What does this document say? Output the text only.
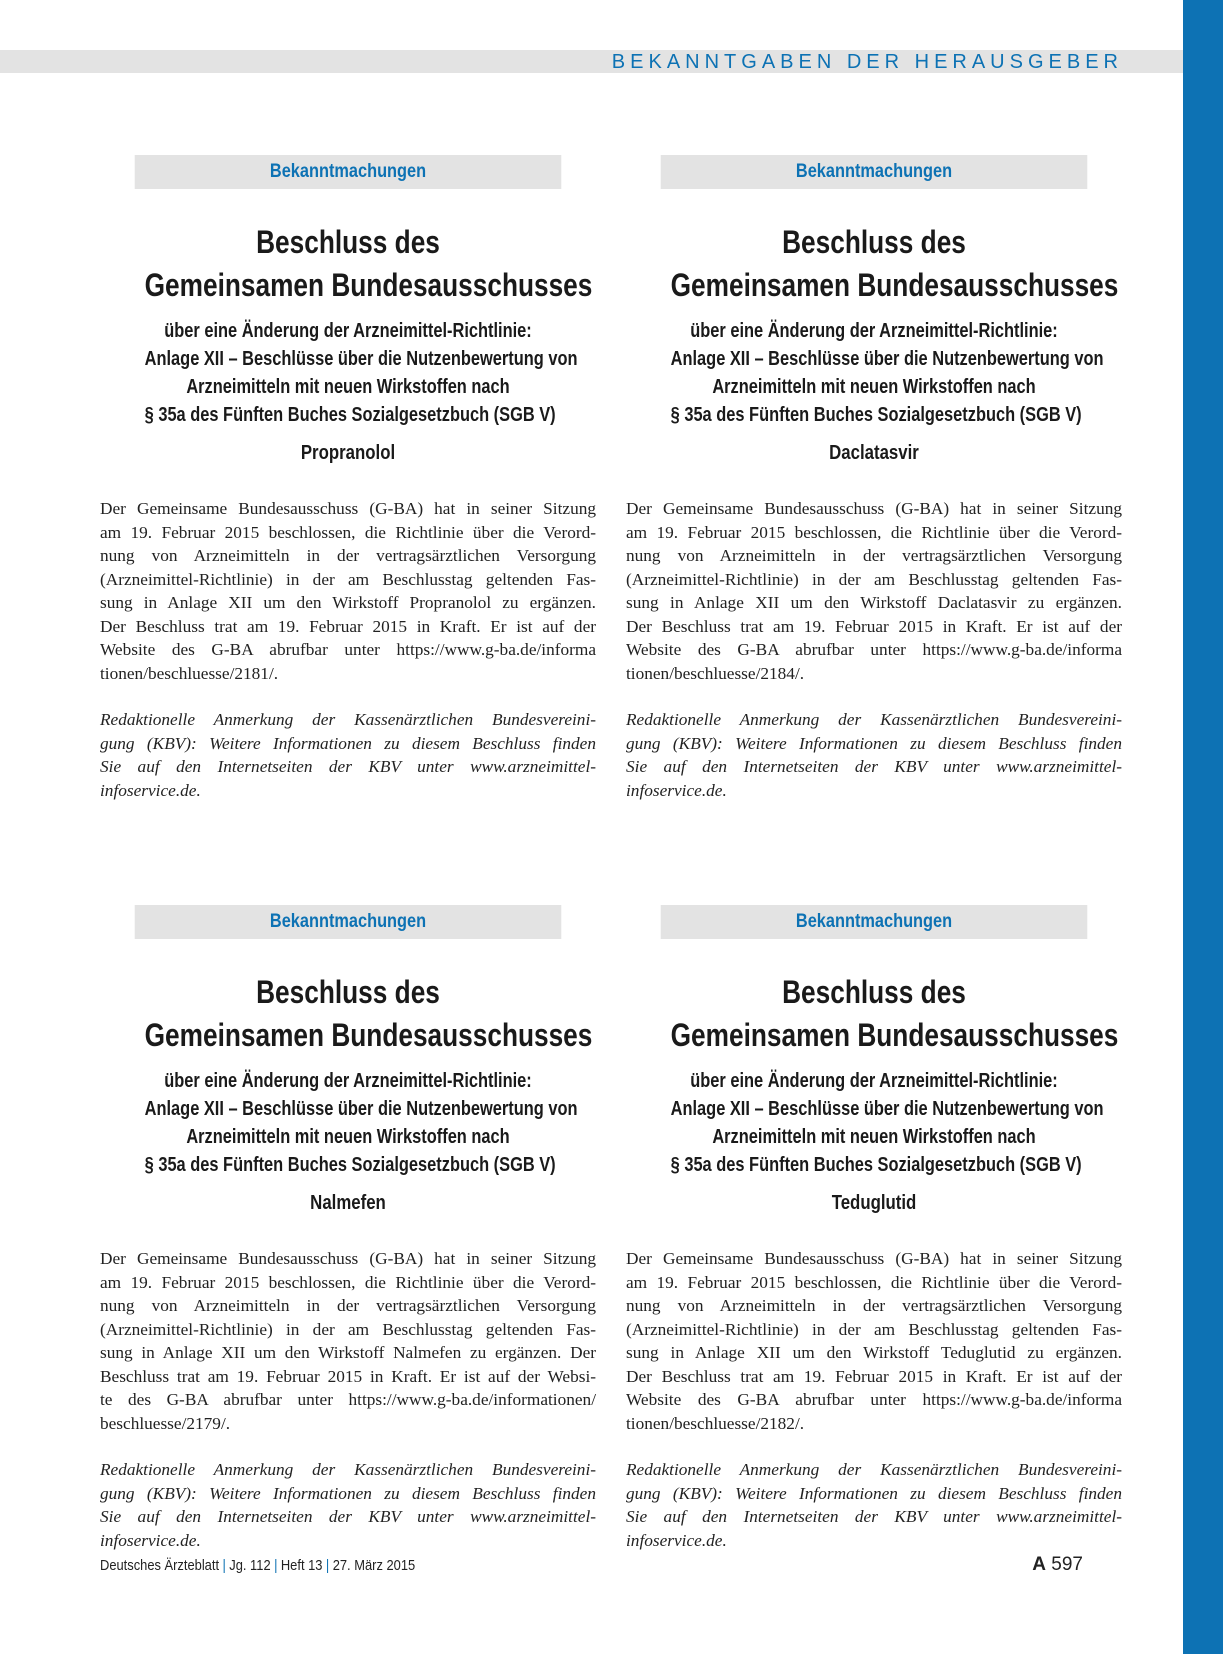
BEKANNTGABEN DER HERAUSGEBER
Bekanntmachungen
Beschluss des
Gemeinsamen Bundesausschusses
über eine Änderung der Arzneimittel-Richtlinie:
Anlage XII – Beschlüsse über die Nutzenbewertung von
Arzneimitteln mit neuen Wirkstoffen nach
§ 35a des Fünften Buches Sozialgesetzbuch (SGB V)
Propranolol
Der Gemeinsame Bundesausschuss (G-BA) hat in seiner Sitzung
am 19. Februar 2015 beschlossen, die Richtlinie über die Verord-
nung von Arzneimitteln in der vertragsärztlichen Versorgung
(Arzneimittel-Richtlinie) in der am Beschlusstag geltenden Fas-
sung in Anlage XII um den Wirkstoff Propranolol zu ergänzen.
Der Beschluss trat am 19. Februar 2015 in Kraft. Er ist auf der
Website des G-BA abrufbar unter https://www.g-ba.de/informa
tionen/beschluesse/2181/.
Redaktionelle Anmerkung der Kassenärztlichen Bundesvereini-
gung (KBV): Weitere Informationen zu diesem Beschluss finden
Sie auf den Internetseiten der KBV unter www.arzneimittel-
infoservice.de.
Bekanntmachungen
Beschluss des
Gemeinsamen Bundesausschusses
über eine Änderung der Arzneimittel-Richtlinie:
Anlage XII – Beschlüsse über die Nutzenbewertung von
Arzneimitteln mit neuen Wirkstoffen nach
§ 35a des Fünften Buches Sozialgesetzbuch (SGB V)
Daclatasvir
Der Gemeinsame Bundesausschuss (G-BA) hat in seiner Sitzung
am 19. Februar 2015 beschlossen, die Richtlinie über die Verord-
nung von Arzneimitteln in der vertragsärztlichen Versorgung
(Arzneimittel-Richtlinie) in der am Beschlusstag geltenden Fas-
sung in Anlage XII um den Wirkstoff Daclatasvir zu ergänzen.
Der Beschluss trat am 19. Februar 2015 in Kraft. Er ist auf der
Website des G-BA abrufbar unter https://www.g-ba.de/informa
tionen/beschluesse/2184/.
Redaktionelle Anmerkung der Kassenärztlichen Bundesvereini-
gung (KBV): Weitere Informationen zu diesem Beschluss finden
Sie auf den Internetseiten der KBV unter www.arzneimittel-
infoservice.de.
Bekanntmachungen
Beschluss des
Gemeinsamen Bundesausschusses
über eine Änderung der Arzneimittel-Richtlinie:
Anlage XII – Beschlüsse über die Nutzenbewertung von
Arzneimitteln mit neuen Wirkstoffen nach
§ 35a des Fünften Buches Sozialgesetzbuch (SGB V)
Nalmefen
Der Gemeinsame Bundesausschuss (G-BA) hat in seiner Sitzung
am 19. Februar 2015 beschlossen, die Richtlinie über die Verord-
nung von Arzneimitteln in der vertragsärztlichen Versorgung
(Arzneimittel-Richtlinie) in der am Beschlusstag geltenden Fas-
sung in Anlage XII um den Wirkstoff Nalmefen zu ergänzen. Der
Beschluss trat am 19. Februar 2015 in Kraft. Er ist auf der Websi-
te des G-BA abrufbar unter https://www.g-ba.de/informationen/
beschluesse/2179/.
Redaktionelle Anmerkung der Kassenärztlichen Bundesvereini-
gung (KBV): Weitere Informationen zu diesem Beschluss finden
Sie auf den Internetseiten der KBV unter www.arzneimittel-
infoservice.de.
Bekanntmachungen
Beschluss des
Gemeinsamen Bundesausschusses
über eine Änderung der Arzneimittel-Richtlinie:
Anlage XII – Beschlüsse über die Nutzenbewertung von
Arzneimitteln mit neuen Wirkstoffen nach
§ 35a des Fünften Buches Sozialgesetzbuch (SGB V)
Teduglutid
Der Gemeinsame Bundesausschuss (G-BA) hat in seiner Sitzung
am 19. Februar 2015 beschlossen, die Richtlinie über die Verord-
nung von Arzneimitteln in der vertragsärztlichen Versorgung
(Arzneimittel-Richtlinie) in der am Beschlusstag geltenden Fas-
sung in Anlage XII um den Wirkstoff Teduglutid zu ergänzen.
Der Beschluss trat am 19. Februar 2015 in Kraft. Er ist auf der
Website des G-BA abrufbar unter https://www.g-ba.de/informa
tionen/beschluesse/2182/.
Redaktionelle Anmerkung der Kassenärztlichen Bundesvereini-
gung (KBV): Weitere Informationen zu diesem Beschluss finden
Sie auf den Internetseiten der KBV unter www.arzneimittel-
infoservice.de.
Deutsches Ärzteblatt | Jg. 112 | Heft 13 | 27. März 2015	A 597
